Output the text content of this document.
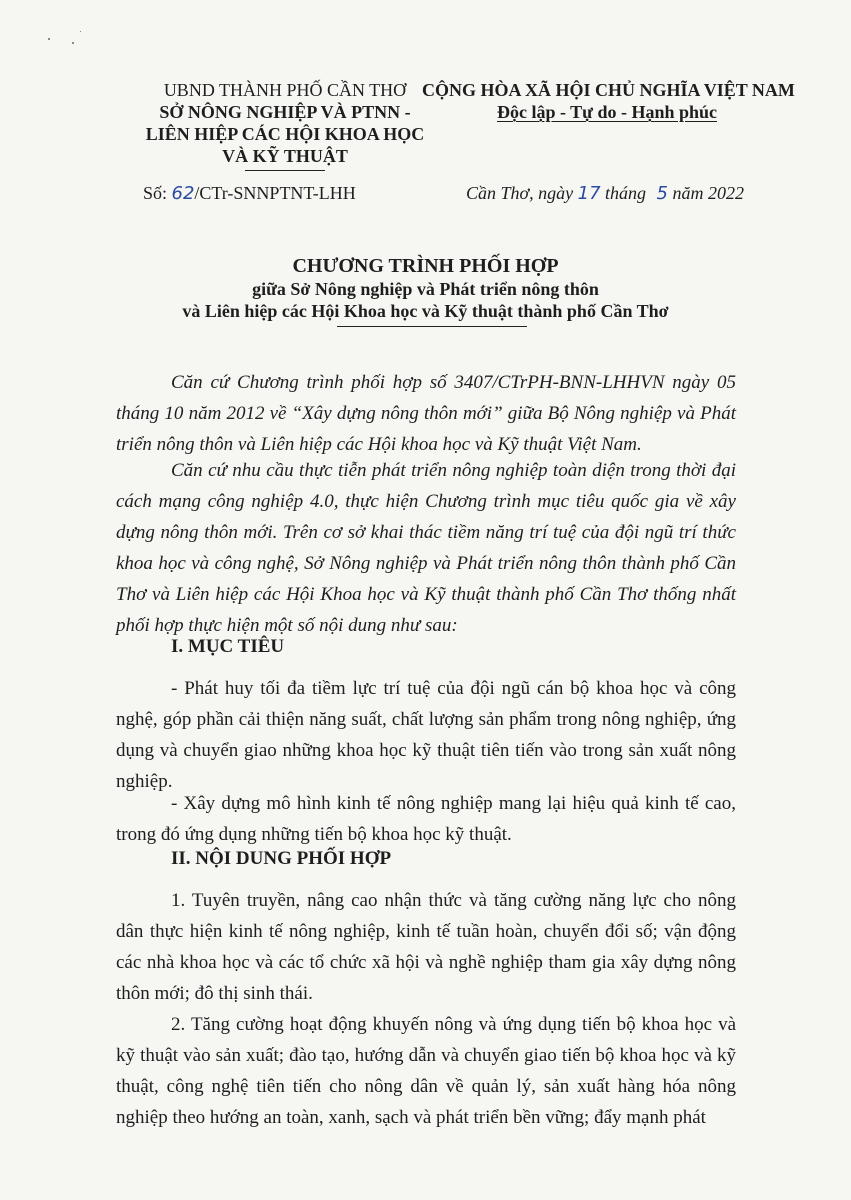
UBND THÀNH PHỐ CẦN THƠ
SỞ NÔNG NGHIỆP VÀ PTNN -
LIÊN HIỆP CÁC HỘI KHOA HỌC
VÀ KỸ THUẬT
CỘNG HÒA XÃ HỘI CHỦ NGHĨA VIỆT NAM
Độc lập - Tự do - Hạnh phúc
Số: 62/CTr-SNNPTNT-LHH	Cần Thơ, ngày 17 tháng 5 năm 2022
CHƯƠNG TRÌNH PHỐI HỢP
giữa Sở Nông nghiệp và Phát triển nông thôn
và Liên hiệp các Hội Khoa học và Kỹ thuật thành phố Cần Thơ
Căn cứ Chương trình phối hợp số 3407/CTrPH-BNN-LHHVN ngày 05 tháng 10 năm 2012 về “Xây dựng nông thôn mới” giữa Bộ Nông nghiệp và Phát triển nông thôn và Liên hiệp các Hội khoa học và Kỹ thuật Việt Nam.
Căn cứ nhu cầu thực tiễn phát triển nông nghiệp toàn diện trong thời đại cách mạng công nghiệp 4.0, thực hiện Chương trình mục tiêu quốc gia về xây dựng nông thôn mới. Trên cơ sở khai thác tiềm năng trí tuệ của đội ngũ trí thức khoa học và công nghệ, Sở Nông nghiệp và Phát triển nông thôn thành phố Cần Thơ và Liên hiệp các Hội Khoa học và Kỹ thuật thành phố Cần Thơ thống nhất phối hợp thực hiện một số nội dung như sau:
I. MỤC TIÊU
- Phát huy tối đa tiềm lực trí tuệ của đội ngũ cán bộ khoa học và công nghệ, góp phần cải thiện năng suất, chất lượng sản phẩm trong nông nghiệp, ứng dụng và chuyển giao những khoa học kỹ thuật tiên tiến vào trong sản xuất nông nghiệp.
- Xây dựng mô hình kinh tế nông nghiệp mang lại hiệu quả kinh tế cao, trong đó ứng dụng những tiến bộ khoa học kỹ thuật.
II. NỘI DUNG PHỐI HỢP
1. Tuyên truyền, nâng cao nhận thức và tăng cường năng lực cho nông dân thực hiện kinh tế nông nghiệp, kinh tế tuần hoàn, chuyển đổi số; vận động các nhà khoa học và các tổ chức xã hội và nghề nghiệp tham gia xây dựng nông thôn mới; đô thị sinh thái.
2. Tăng cường hoạt động khuyến nông và ứng dụng tiến bộ khoa học và kỹ thuật vào sản xuất; đào tạo, hướng dẫn và chuyển giao tiến bộ khoa học và kỹ thuật, công nghệ tiên tiến cho nông dân về quản lý, sản xuất hàng hóa nông nghiệp theo hướng an toàn, xanh, sạch và phát triển bền vững; đẩy mạnh phát
